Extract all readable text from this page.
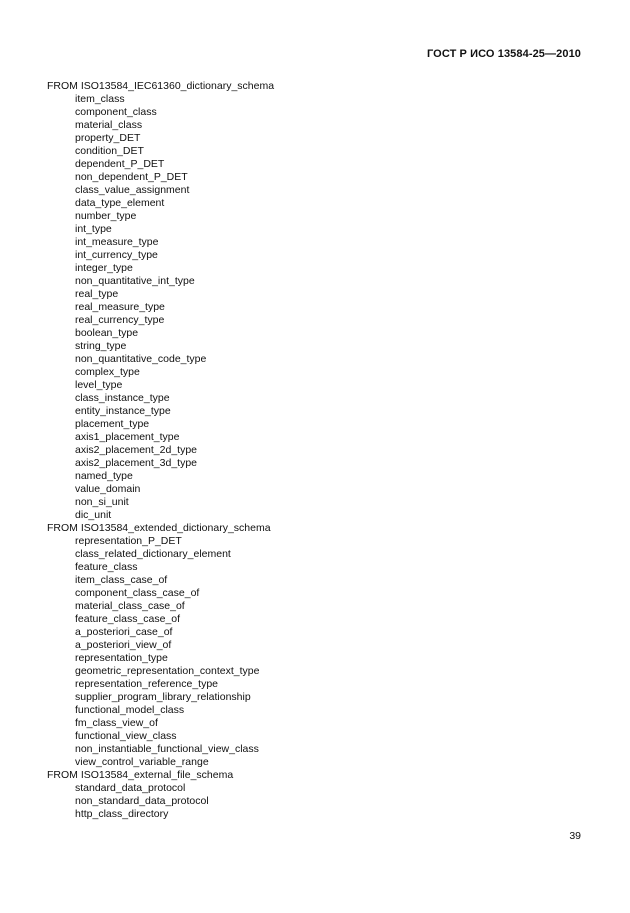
ГОСТ Р ИСО 13584-25—2010
FROM ISO13584_IEC61360_dictionary_schema
item_class
component_class
material_class
property_DET
condition_DET
dependent_P_DET
non_dependent_P_DET
class_value_assignment
data_type_element
number_type
int_type
int_measure_type
int_currency_type
integer_type
non_quantitative_int_type
real_type
real_measure_type
real_currency_type
boolean_type
string_type
non_quantitative_code_type
complex_type
level_type
class_instance_type
entity_instance_type
placement_type
axis1_placement_type
axis2_placement_2d_type
axis2_placement_3d_type
named_type
value_domain
non_si_unit
dic_unit
FROM ISO13584_extended_dictionary_schema
representation_P_DET
class_related_dictionary_element
feature_class
item_class_case_of
component_class_case_of
material_class_case_of
feature_class_case_of
a_posteriori_case_of
a_posteriori_view_of
representation_type
geometric_representation_context_type
representation_reference_type
supplier_program_library_relationship
functional_model_class
fm_class_view_of
functional_view_class
non_instantiable_functional_view_class
view_control_variable_range
FROM ISO13584_external_file_schema
standard_data_protocol
non_standard_data_protocol
http_class_directory
39
